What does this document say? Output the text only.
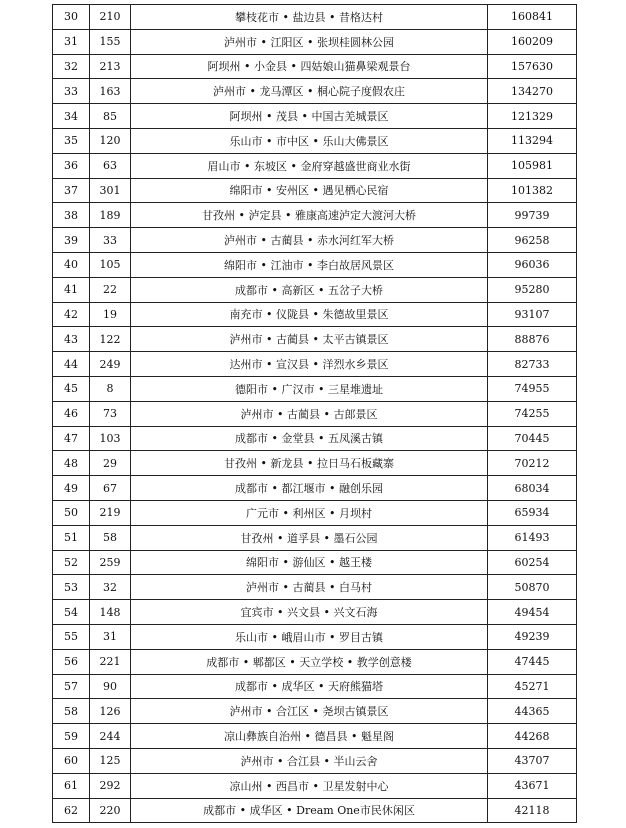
30	210	攀枝花市 • 盐边县 • 昔格达村	160841
31	155	泸州市 • 江阳区 • 张坝桂圆林公园	160209
32	213	阿坝州 • 小金县 • 四姑娘山猫鼻梁观景台	157630
33	163	泸州市 • 龙马潭区 • 桐心院子度假农庄	134270
34	85	阿坝州 • 茂县 • 中国古羌城景区	121329
35	120	乐山市 • 市中区 • 乐山大佛景区	113294
36	63	眉山市 • 东坡区 • 金府穿越盛世商业水街	105981
37	301	绵阳市 • 安州区 • 遇见栖心民宿	101382
38	189	甘孜州 • 泸定县 • 雅康高速泸定大渡河大桥	99739
39	33	泸州市 • 古蔺县 • 赤水河红军大桥	96258
40	105	绵阳市 • 江油市 • 李白故居风景区	96036
41	22	成都市 • 高新区 • 五岔子大桥	95280
42	19	南充市 • 仪陇县 • 朱德故里景区	93107
43	122	泸州市 • 古蔺县 • 太平古镇景区	88876
44	249	达州市 • 宣汉县 • 洋烈水乡景区	82733
45	8	德阳市 • 广汉市 • 三星堆遗址	74955
46	73	泸州市 • 古蔺县 • 古郎景区	74255
47	103	成都市 • 金堂县 • 五凤溪古镇	70445
48	29	甘孜州 • 新龙县 • 拉日马石板藏寨	70212
49	67	成都市 • 都江堰市 • 融创乐园	68034
50	219	广元市 • 利州区 • 月坝村	65934
51	58	甘孜州 • 道孚县 • 墨石公园	61493
52	259	绵阳市 • 游仙区 • 越王楼	60254
53	32	泸州市 • 古蔺县 • 白马村	50870
54	148	宜宾市 • 兴文县 • 兴文石海	49454
55	31	乐山市 • 峨眉山市 • 罗目古镇	49239
56	221	成都市 • 郫都区 • 天立学校 • 教学创意楼	47445
57	90	成都市 • 成华区 • 天府熊猫塔	45271
58	126	泸州市 • 合江区 • 尧坝古镇景区	44365
59	244	凉山彝族自治州 • 德昌县 • 魁星阁	44268
60	125	泸州市 • 合江县 • 半山云舍	43707
61	292	凉山州 • 西昌市 • 卫星发射中心	43671
62	220	成都市 • 成华区 • Dream One市民休闲区	42118
